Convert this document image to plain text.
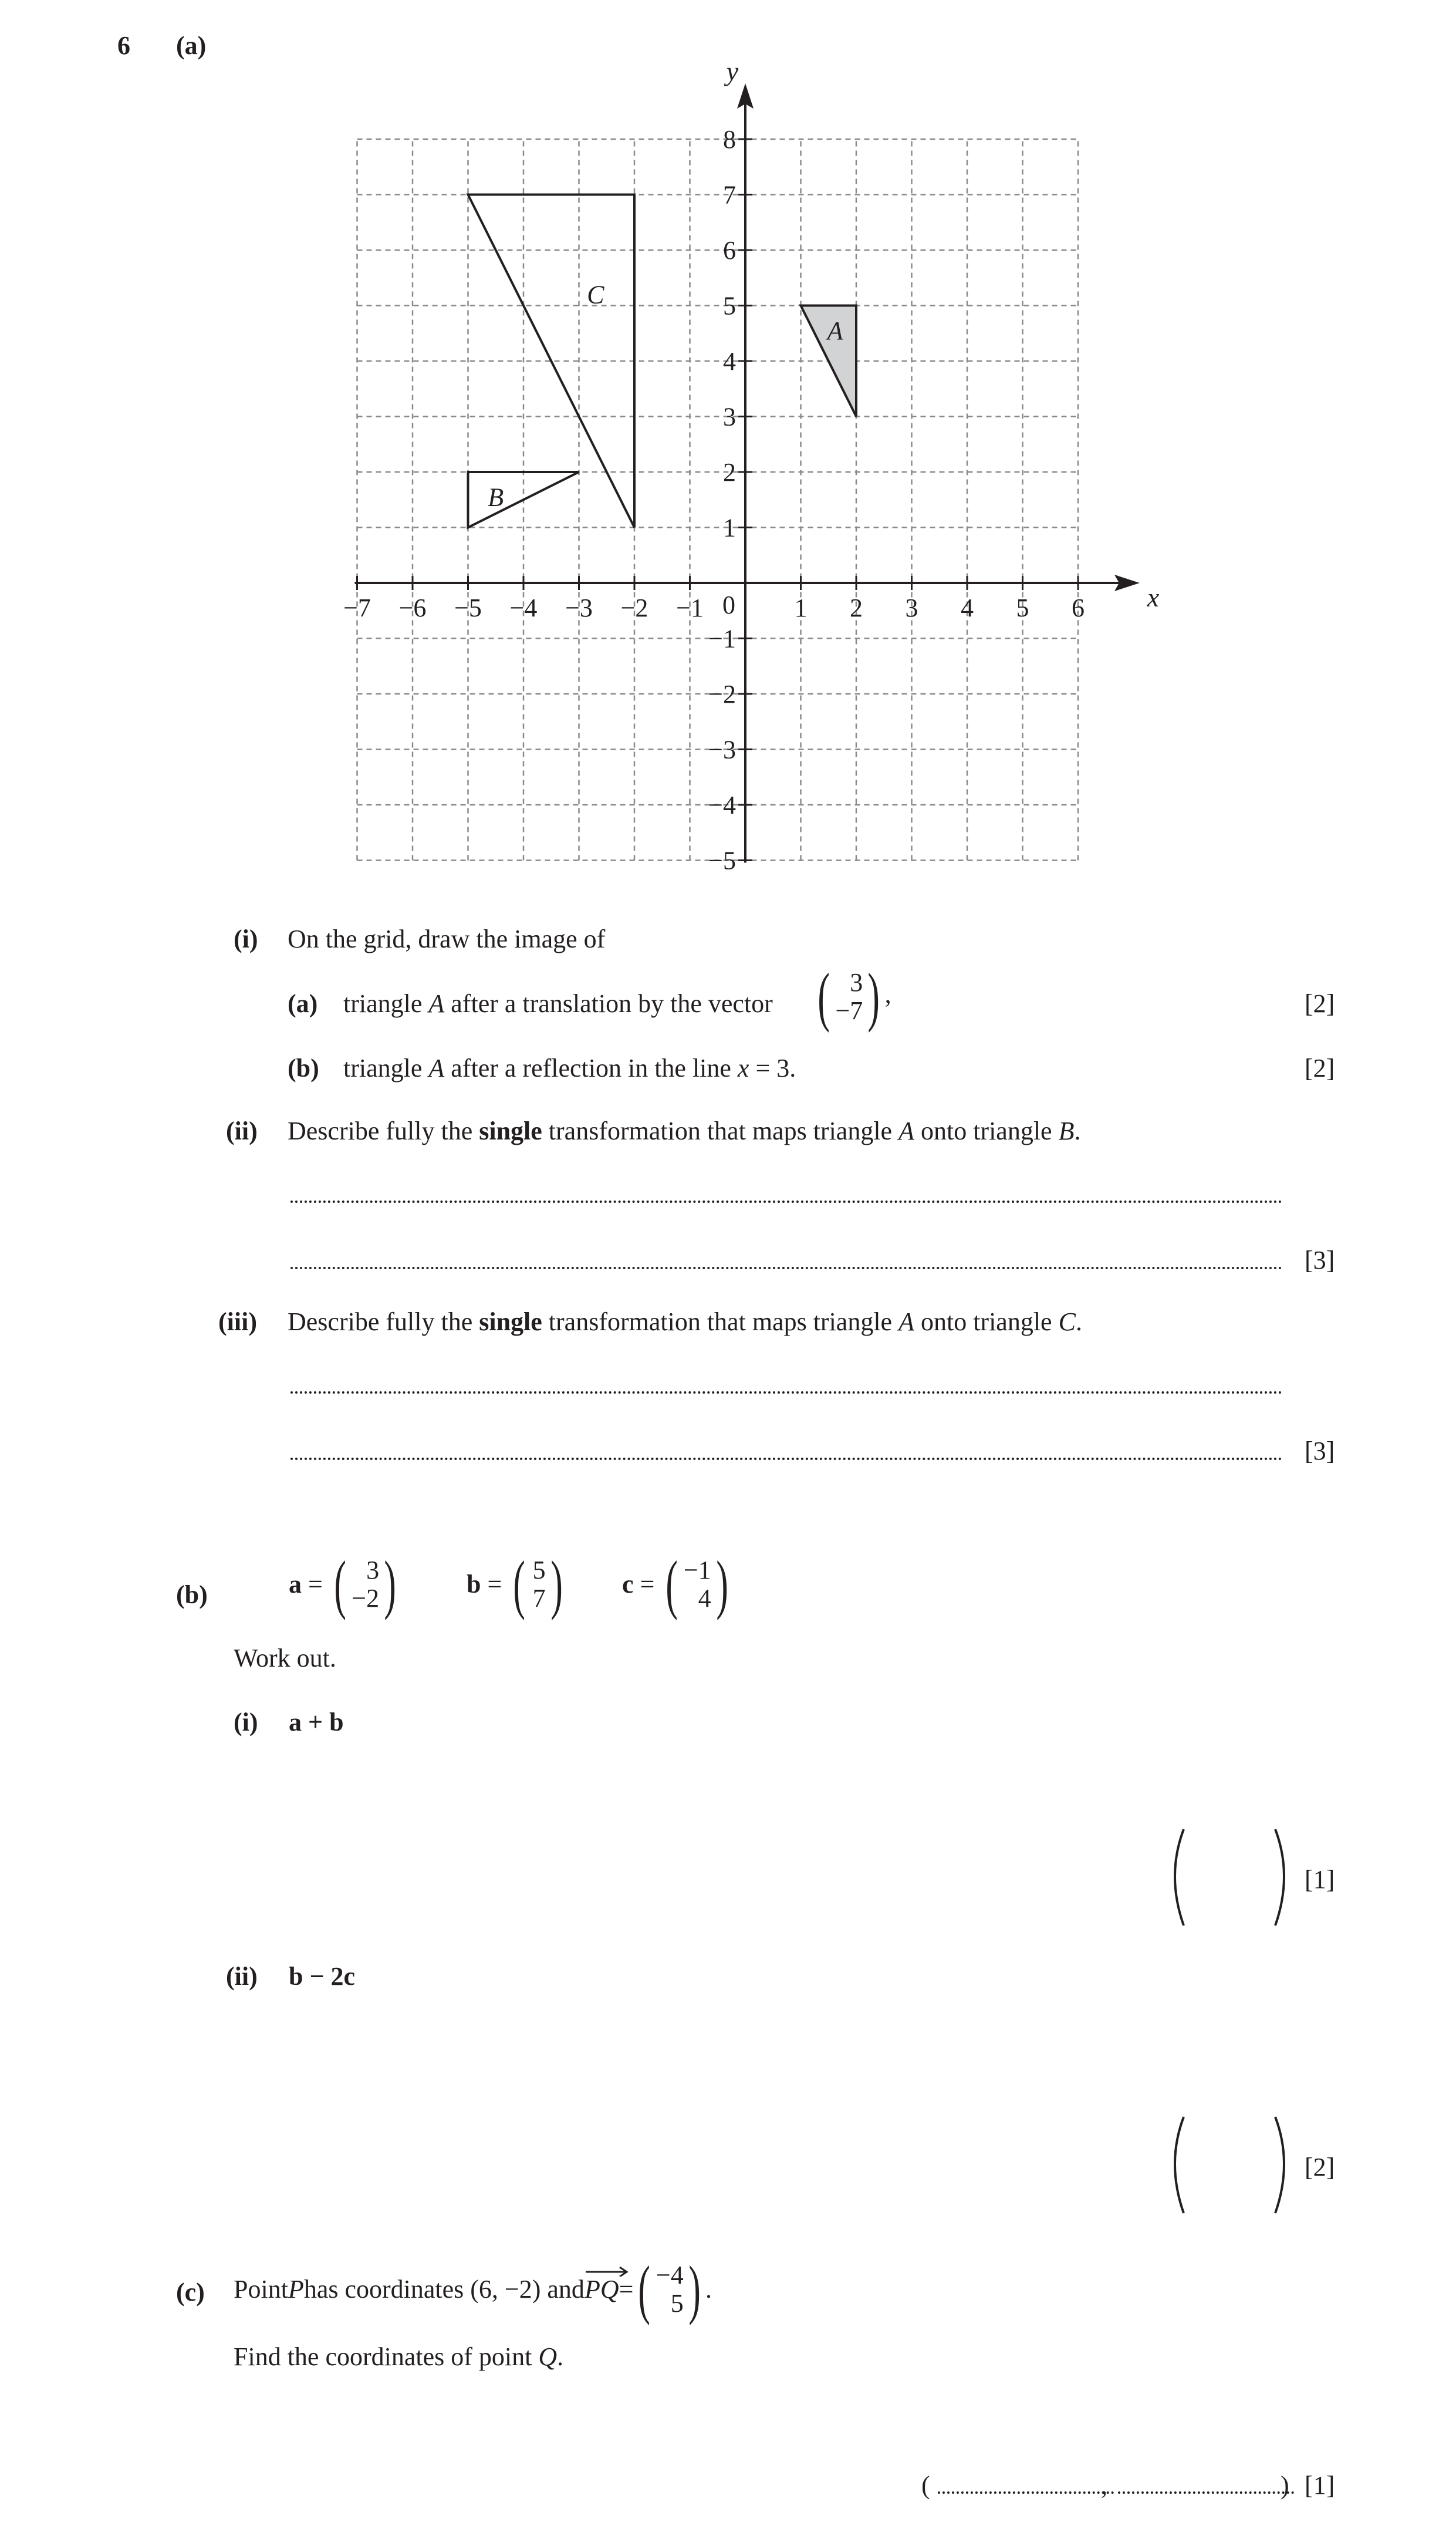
6 (a)
A
B
C
−7 −6 −5 −4 −3 −2 −1	1 2 3 4 5 6
8
7
6
5
4
3
2
1
−1
−2
−3
−4
−5
0	x
y
(i) On the grid, draw the image of
(a) triangle A after a translation by the vector ( 3
−7 ) ,	[2]
(b) triangle A after a reflection in the line x = 3.	[2]
(ii) Describe fully the single transformation that maps triangle A onto triangle B.
[3]
(iii) Describe fully the single transformation that maps triangle A onto triangle C.
[3]
(b)	a = ( 3
−2 )	b = ( 5
7 ) c = ( −1
4 )
Work out.
(i) a + b
[1]
(ii) b − 2c
[2]
(c) Point P has coordinates (6, −2) and PQ = ( −4
5 ) .
Find the coordinates of point Q.
(	,	) [1]
